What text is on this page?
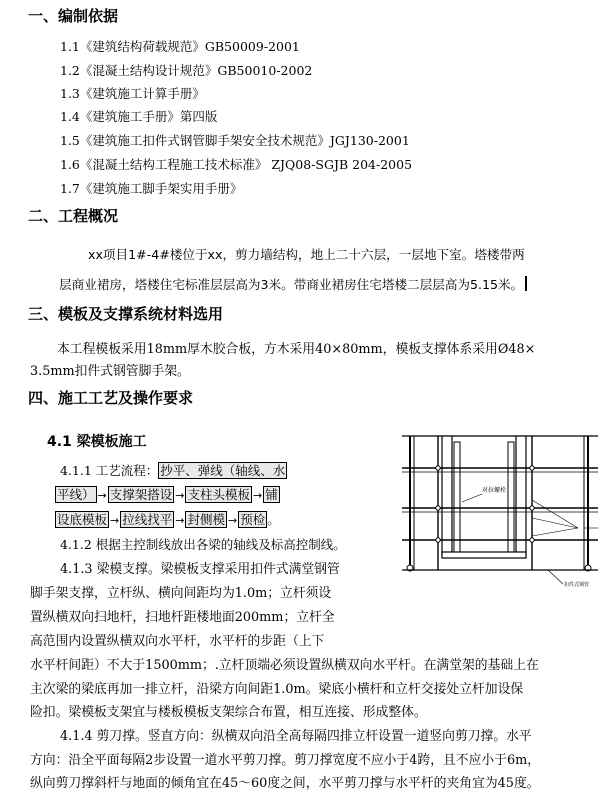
一、编制依据
1.1《建筑结构荷载规范》GB50009-2001
1.2《混凝土结构设计规范》GB50010-2002
1.3《建筑施工计算手册》
1.4《建筑施工手册》第四版
1.5《建筑施工扣件式钢管脚手架安全技术规范》JGJ130-2001
1.6《混凝土结构工程施工技术标准》 ZJQ08-SGJB 204-2005
1.7《建筑施工脚手架实用手册》
二、工程概况
xx项目1#-4#楼位于xx，剪力墙结构，地上二十六层，一层地下室。塔楼带两
层商业裙房，塔楼住宅标准层层高为3米。带商业裙房住宅塔楼二层层高为5.15米。
三、模板及支撑系统材料选用
本工程模板采用18mm厚木胶合板，方木采用40×80mm，模板支撑体系采用Ø48×
3.5mm扣件式钢管脚手架。
四、施工工艺及操作要求
4.1 梁模板施工
4.1.1 工艺流程： 抄平、弹线（轴线、水
平线） → 支撑架搭设 → 支柱头模板 → 铺
设底模板 → 拉线找平 → 封侧模 → 预检 。
4.1.2 根据主控制线放出各梁的轴线及标高控制线。
4.1.3 梁模支撑。梁模板支撑采用扣件式满堂钢管
脚手架支撑，立杆纵、横向间距均为1.0m；立杆须设
置纵横双向扫地杆，扫地杆距楼地面200mm；立杆全
高范围内设置纵横双向水平杆，水平杆的步距（上下
水平杆间距）不大于1500mm；.立杆顶端必须设置纵横双向水平杆。在满堂架的基础上在
主次梁的梁底再加一排立杆，沿梁方向间距1.0m。梁底小横杆和立杆交接处立杆加设保
险扣。梁模板支架宜与楼板模板支架综合布置，相互连接、形成整体。
4.1.4 剪刀撑。竖直方向：纵横双向沿全高每隔四排立杆设置一道竖向剪刀撑。水平
方向：沿全平面每隔2步设置一道水平剪刀撑。剪刀撑宽度不应小于4跨，且不应小于6m，
纵向剪刀撑斜杆与地面的倾角宜在45～60度之间，水平剪刀撑与水平杆的夹角宜为45度。
对拉螺栓
扣件式钢管
